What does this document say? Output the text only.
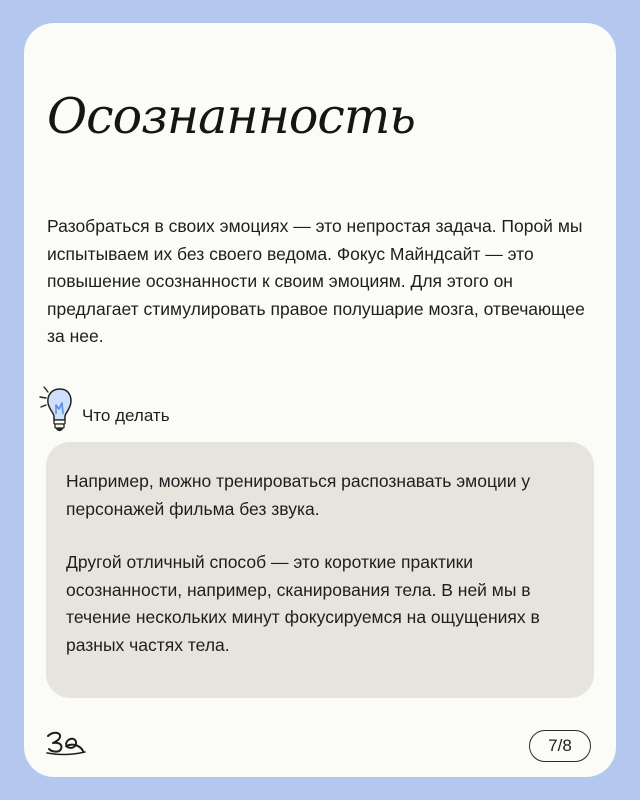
Осознанность

Разобраться в своих эмоциях — это непростая задача. Порой мы испытываем их без своего ведома. Фокус Майндсайт — это повышение осознанности к своим эмоциям. Для этого он предлагает стимулировать правое полушарие мозга, отвечающее за нее.

Что делать

Например, можно тренироваться распознавать эмоции у персонажей фильма без звука.

Другой отличный способ — это короткие практики осознанности, например, сканирования тела. В ней мы в течение нескольких минут фокусируемся на ощущениях в разных частях тела.

7/8
